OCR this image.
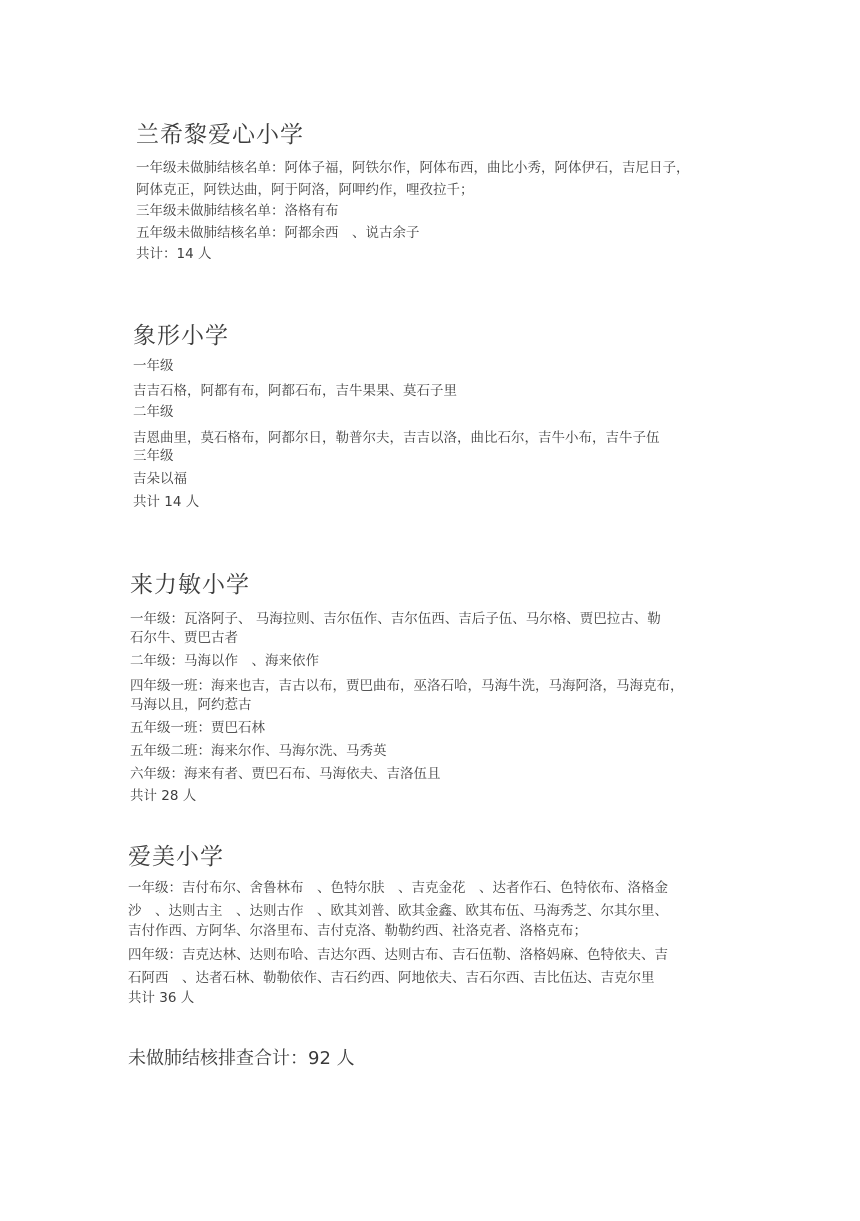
兰希黎爱心小学
一年级未做肺结核名单：阿体子福，阿铁尔作，阿体布西，曲比小秀，阿体伊石，吉尼日子，
阿体克正，阿铁达曲，阿于阿洛，阿呷约作，哩孜拉千；
三年级未做肺结核名单：洛格有布
五年级未做肺结核名单：阿都余西　、说古余子
共计：14 人
象形小学
一年级
吉吉石格，阿都有布，阿都石布，吉牛果果、莫石子里
二年级
吉恩曲里，莫石格布，阿都尔日，勒普尔夫，吉吉以洛，曲比石尔，吉牛小布，吉牛子伍
三年级
吉朵以福
共计 14 人
来力敏小学
一年级：瓦洛阿子、 马海拉则、吉尔伍作、吉尔伍西、吉后子伍、马尔格、贾巴拉古、勒
石尔牛、贾巴古者
二年级：马海以作　、海来依作
四年级一班：海来也吉，吉古以布，贾巴曲布，巫洛石哈，马海牛洗，马海阿洛，马海克布，
马海以且，阿约惹古
五年级一班：贾巴石林
五年级二班：海来尔作、马海尔洗、马秀英
六年级：海来有者、贾巴石布、马海依夫、吉洛伍且
共计 28 人
爱美小学
一年级：吉付布尔、舍鲁林布　、色特尔肤　、吉克金花　、达者作石、色特依布、洛格金
沙　、达则古主　、达则古作　、欧其刘普、欧其金鑫、欧其布伍、马海秀芝、尔其尔里、
吉付作西、方阿华、尔洛里布、吉付克洛、勒勒约西、社洛克者、洛格克布；
四年级：吉克达林、达则布哈、吉达尔西、达则古布、吉石伍勒、洛格妈麻、色特依夫、吉
石阿西　、达者石林、勒勒依作、吉石约西、阿地依夫、吉石尔西、吉比伍达、吉克尔里
共计 36 人
未做肺结核排查合计：92 人
